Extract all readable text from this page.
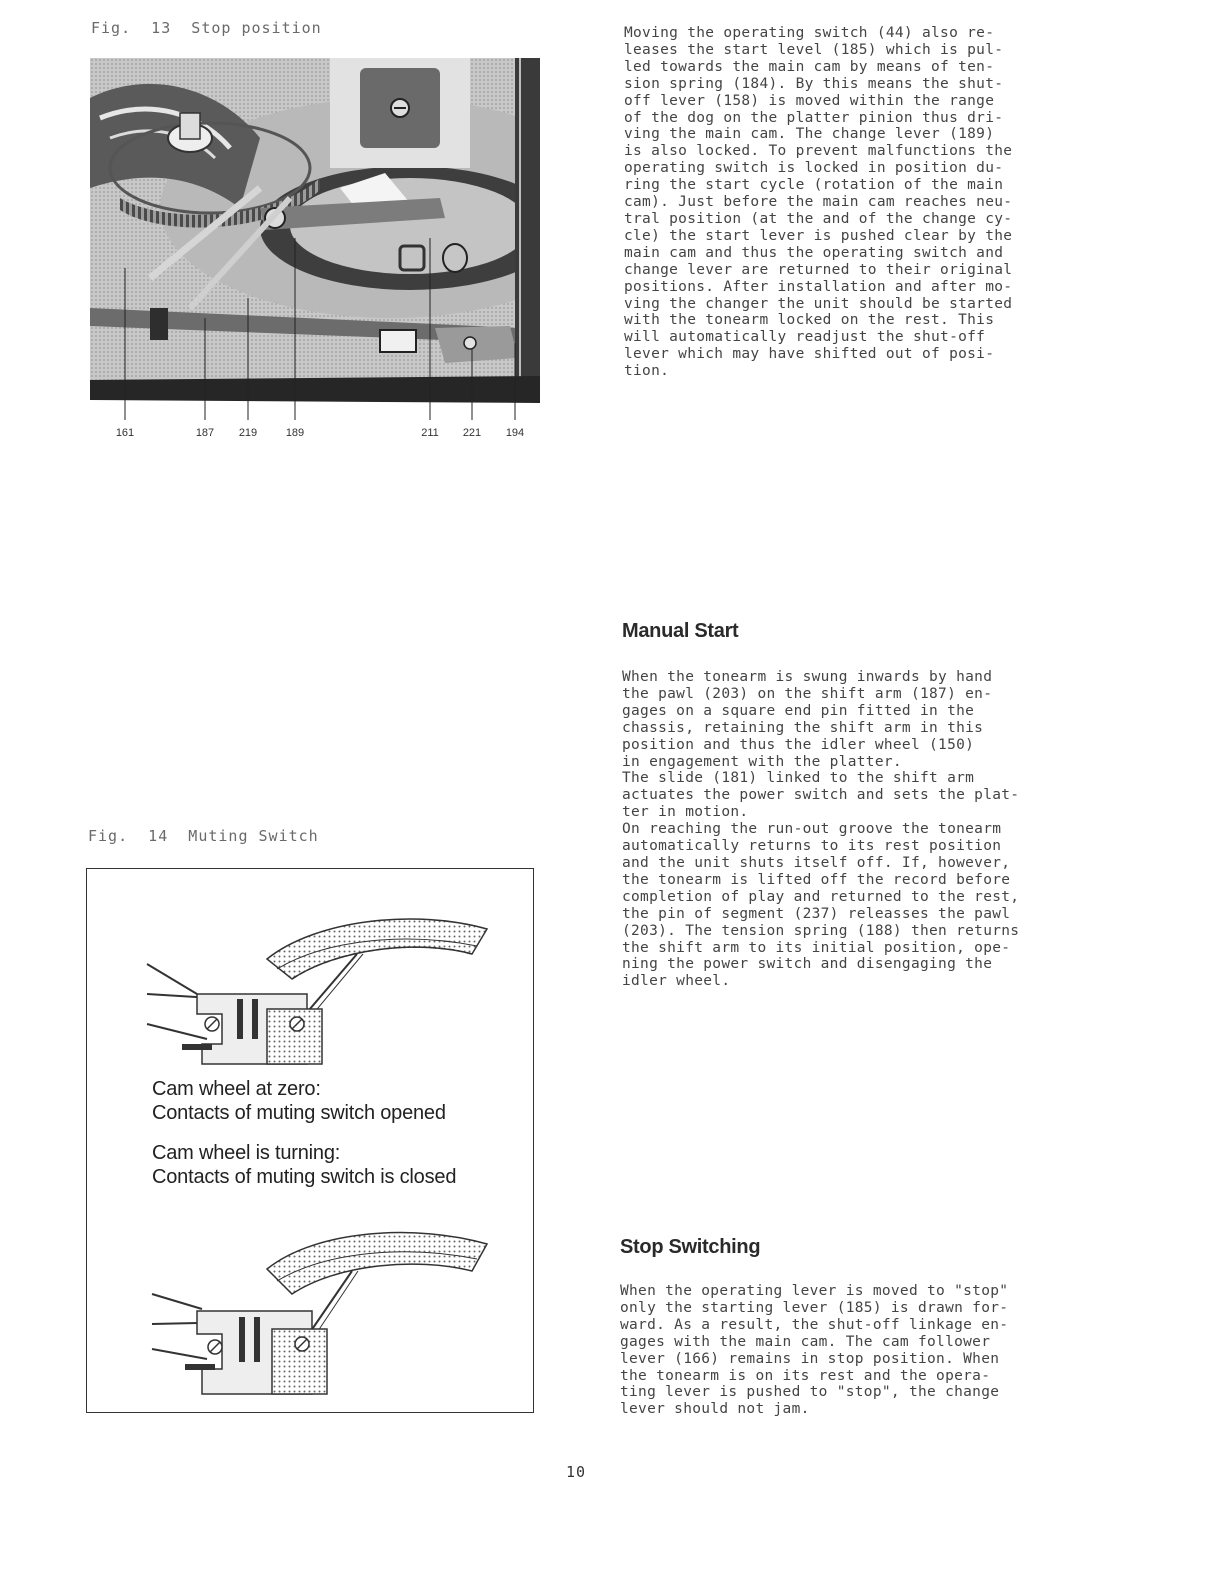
Fig.  13  Stop position
161	187 219	189	211 221 194
Moving the operating switch (44) also re-
leases the start level (185) which is pul-
led towards the main cam by means of ten-
sion spring (184). By this means the shut-
off lever (158) is moved within the range
of the dog on the platter pinion thus dri-
ving the main cam. The change lever (189)
is also locked. To prevent malfunctions the
operating switch is locked in position du-
ring the start cycle (rotation of the main
cam). Just before the main cam reaches neu-
tral position (at the and of the change cy-
cle) the start lever is pushed clear by the
main cam and thus the operating switch and
change lever are returned to their original
positions. After installation and after mo-
ving the changer the unit should be started
with the tonearm locked on the rest. This
will automatically readjust the shut-off
lever which may have shifted out of posi-
tion.
Manual Start
When the tonearm is swung inwards by hand
the pawl (203) on the shift arm (187) en-
gages on a square end pin fitted in the
chassis, retaining the shift arm in this
position and thus the idler wheel (150)
in engagement with the platter.
The slide (181) linked to the shift arm
actuates the power switch and sets the plat-
ter in motion.
On reaching the run-out groove the tonearm
automatically returns to its rest position
and the unit shuts itself off. If, however,
the tonearm is lifted off the record before
completion of play and returned to the rest,
the pin of segment (237) releasses the pawl
(203). The tension spring (188) then returns
the shift arm to its initial position, ope-
ning the power switch and disengaging the
idler wheel.
Fig.  14  Muting Switch
Cam wheel at zero:
Contacts of muting switch opened
Cam wheel is turning:
Contacts of muting switch is closed
Stop Switching
When the operating lever is moved to "stop"
only the starting lever (185) is drawn for-
ward. As a result, the shut-off linkage en-
gages with the main cam. The cam follower
lever (166) remains in stop position. When
the tonearm is on its rest and the opera-
ting lever is pushed to "stop", the change
lever should not jam.
10
